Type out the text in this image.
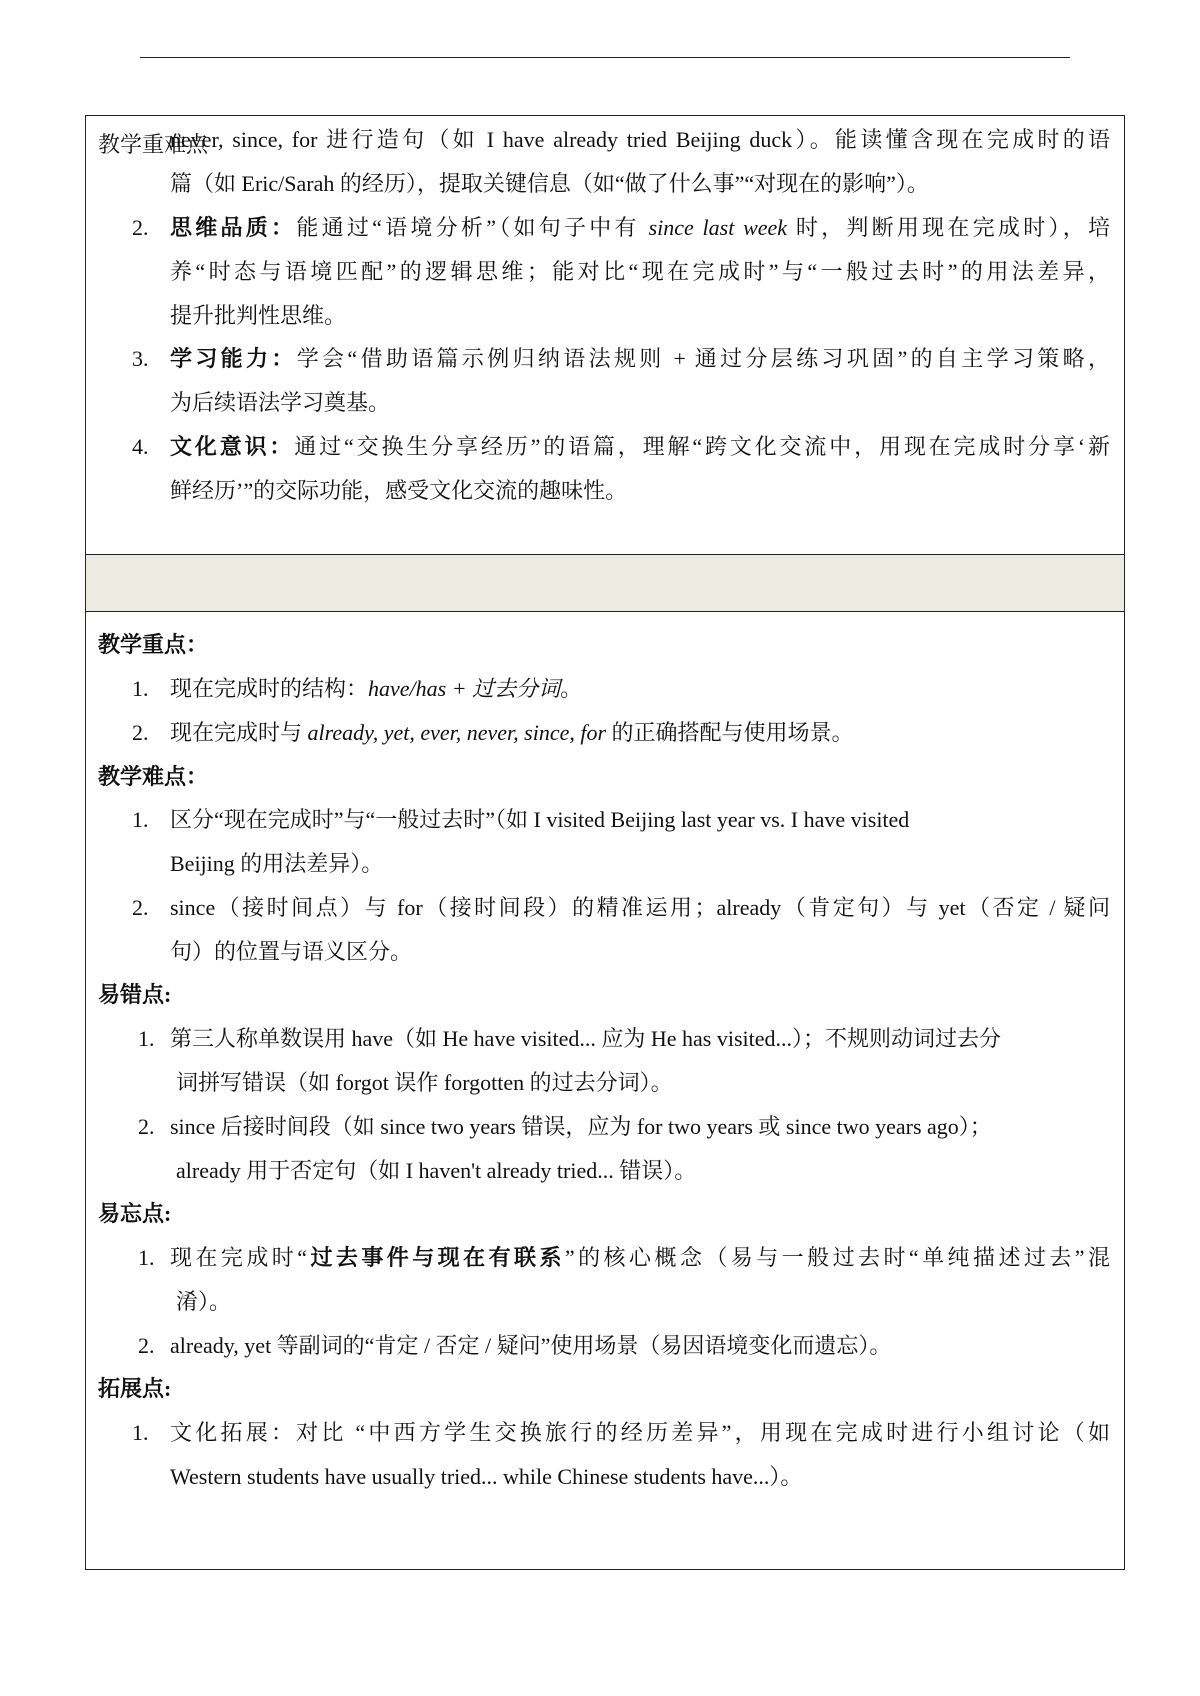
never, since, for 进行造句（如 I have already tried Beijing duck）。能读懂含现在完成时的语
篇（如 Eric/Sarah 的经历），提取关键信息（如“做了什么事”“对现在的影响”）。
2. 思维品质：能通过“语境分析”（如句子中有 since last week 时，判断用现在完成时），培
养“时态与语境匹配”的逻辑思维；能对比“现在完成时”与“一般过去时”的用法差异，
提升批判性思维。
3. 学习能力：学会“借助语篇示例归纳语法规则 + 通过分层练习巩固”的自主学习策略，
为后续语法学习奠基。
4. 文化意识：通过“交换生分享经历”的语篇，理解“跨文化交流中，用现在完成时分享‘新
鲜经历’”的交际功能，感受文化交流的趣味性。
教学重难点
教学重点：
1. 现在完成时的结构：have/has + 过去分词。
2. 现在完成时与 already, yet, ever, never, since, for 的正确搭配与使用场景。
教学难点：
1. 区分“现在完成时”与“一般过去时”（如 I visited Beijing last year vs. I have visited
Beijing 的用法差异）。
2. since（接时间点）与 for（接时间段）的精准运用；already（肯定句）与 yet（否定 / 疑问
句）的位置与语义区分。
易错点:
1. 第三人称单数误用 have（如 He have visited... 应为 He has visited...）；不规则动词过去分
词拼写错误（如 forgot 误作 forgotten 的过去分词）。
2. since 后接时间段（如 since two years 错误，应为 for two years 或 since two years ago）；
already 用于否定句（如 I haven't already tried... 错误）。
易忘点:
1. 现在完成时“过去事件与现在有联系”的核心概念（易与一般过去时“单纯描述过去”混
淆）。
2. already, yet 等副词的“肯定 / 否定 / 疑问”使用场景（易因语境变化而遗忘）。
拓展点:
1. 文化拓展：对比 “中西方学生交换旅行的经历差异”，用现在完成时进行小组讨论（如
Western students have usually tried... while Chinese students have...）。
